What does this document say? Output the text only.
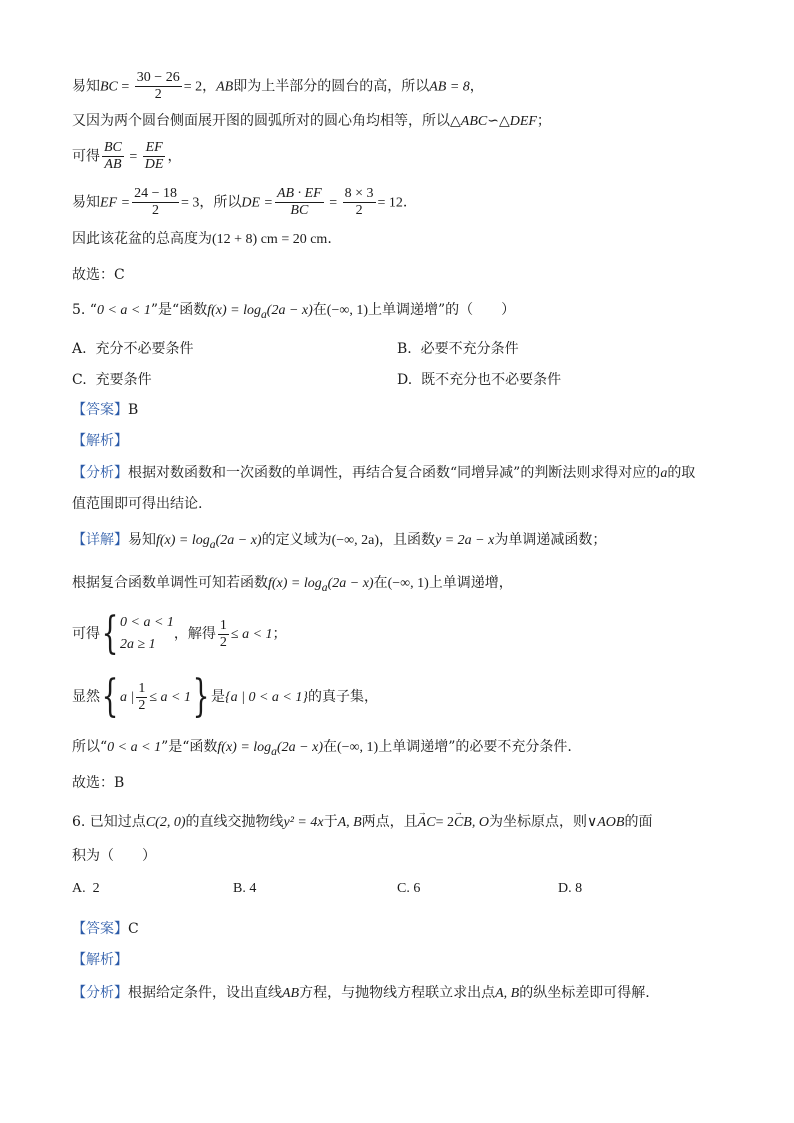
易知BC = $\frac{30 - 26}{2} = 2$，AB即为上半部分的圆台的高，所以AB = 8，
又因为两个圆台侧面展开图的圆弧所对的圆心角均相等，所以△ABC∽△DEF；
可得 $\frac{BC}{AB} = \frac{EF}{DE}$ ，
易知EF = $\frac{24 - 18}{2} = 3$，所以DE = $\frac{AB \cdot EF}{BC} = \frac{8 \times 3}{2} = 12$.
因此该花盆的总高度为(12 + 8) cm = 20 cm.
故选：C
5. “0 < a < 1”是“函数$f(x) = \log_a(2a - x)$在(−∞, 1)上单调递增”的（　　）
A. 充分不必要条件	B. 必要不充分条件
C. 充要条件	D. 既不充分也不必要条件
【答案】B
【解析】
【分析】根据对数函数和一次函数的单调性，再结合复合函数“同增异减”的判断法则求得对应的a的取
值范围即可得出结论.
【详解】易知$f(x) = \log_a(2a - x)$的定义域为(−∞, 2a)，且函数y = 2a − x为单调递减函数；
根据复合函数单调性可知若函数$f(x) = \log_a(2a - x)$在(−∞, 1)上单调递增，
可得{ 0 < a < 1
2a ≥ 1
，解得 $\frac{1}{2} \le a < 1$；
显然{ a | $\frac{1}{2} \le a < 1$} 是{a | 0 < a < 1}的真子集，
所以“0 < a < 1”是“函数$f(x) = \log_a(2a - x)$在(−∞, 1)上单调递增”的必要不充分条件.
故选：B
6. 已知过点C(2, 0)的直线交抛物线y² = 4x于A, B两点，且→ AC= 2→ CB, O为坐标原点，则∨AOB的面
积为（　　）
A. 2	B. 4	C. 6	D. 8
【答案】C
【解析】
【分析】根据给定条件，设出直线AB方程，与抛物线方程联立求出点A, B的纵坐标差即可得解.
